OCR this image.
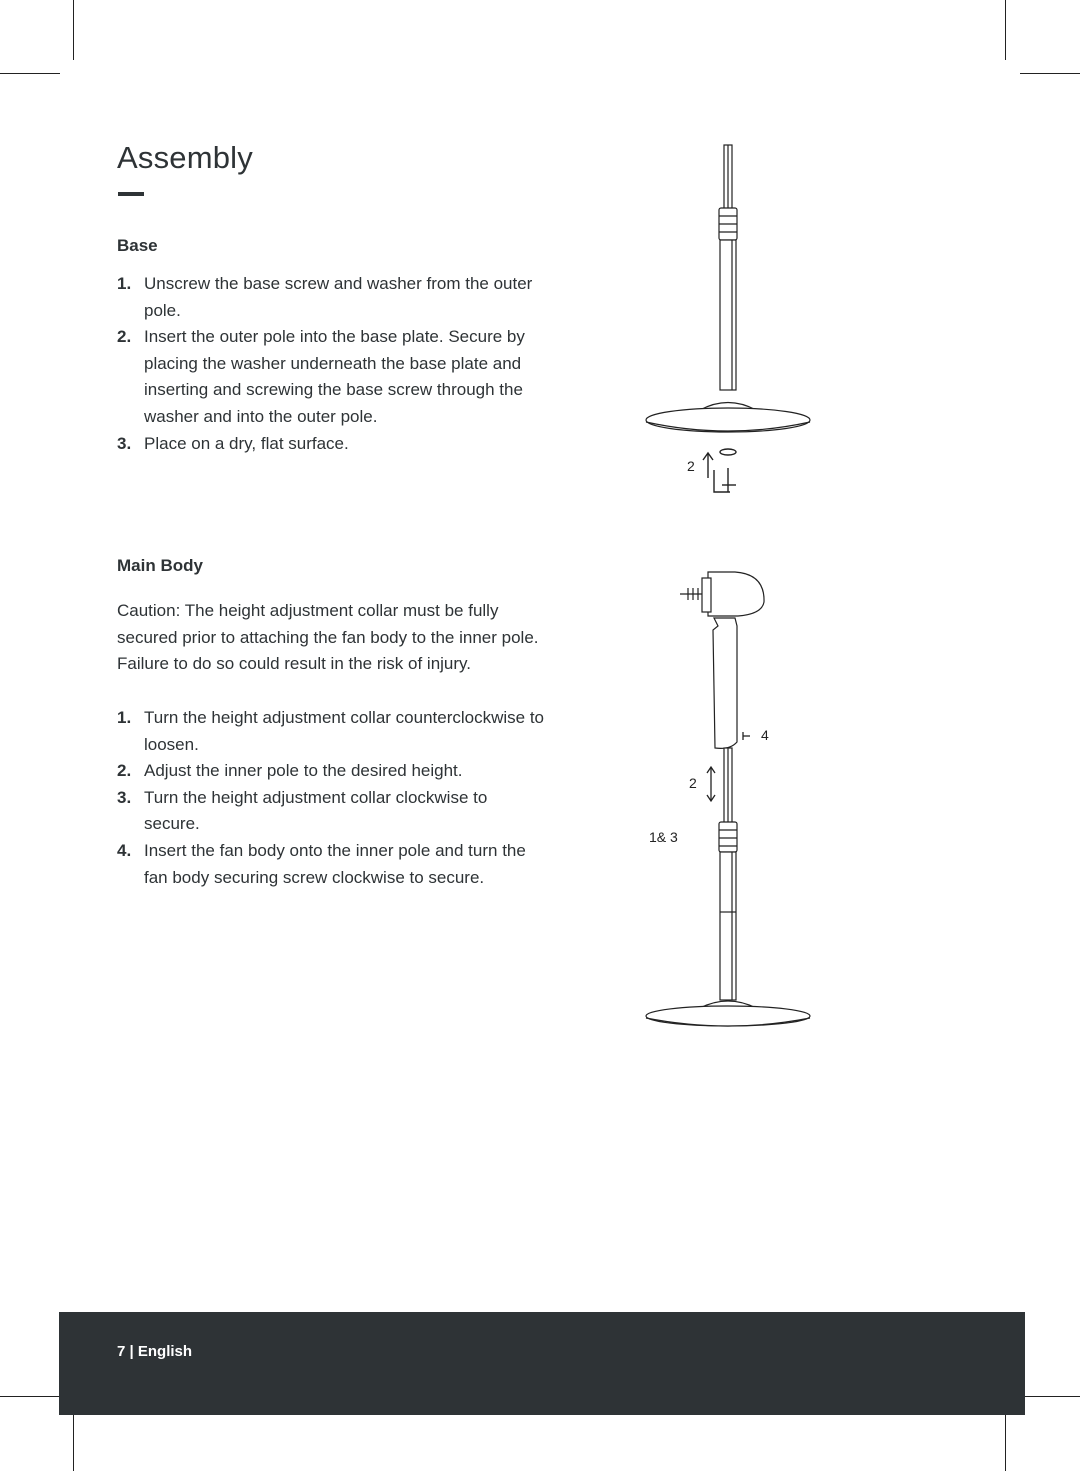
Assembly
Base
1. Unscrew the base screw and washer from the outer pole.
2. Insert the outer pole into the base plate. Secure by placing the washer underneath the base plate and inserting and screwing the base screw through the washer and into the outer pole.
3. Place on a dry, flat surface.
2
Main Body

Caution: The height adjustment collar must be fully secured prior to attaching the fan body to the inner pole. Failure to do so could result in the risk of injury.

1. Turn the height adjustment collar counterclockwise to loosen.
2. Adjust the inner pole to the desired height.
3. Turn the height adjustment collar clockwise to secure.
4. Insert the fan body onto the inner pole and turn the fan body securing screw clockwise to secure.
4
2
1& 3
7 | English
